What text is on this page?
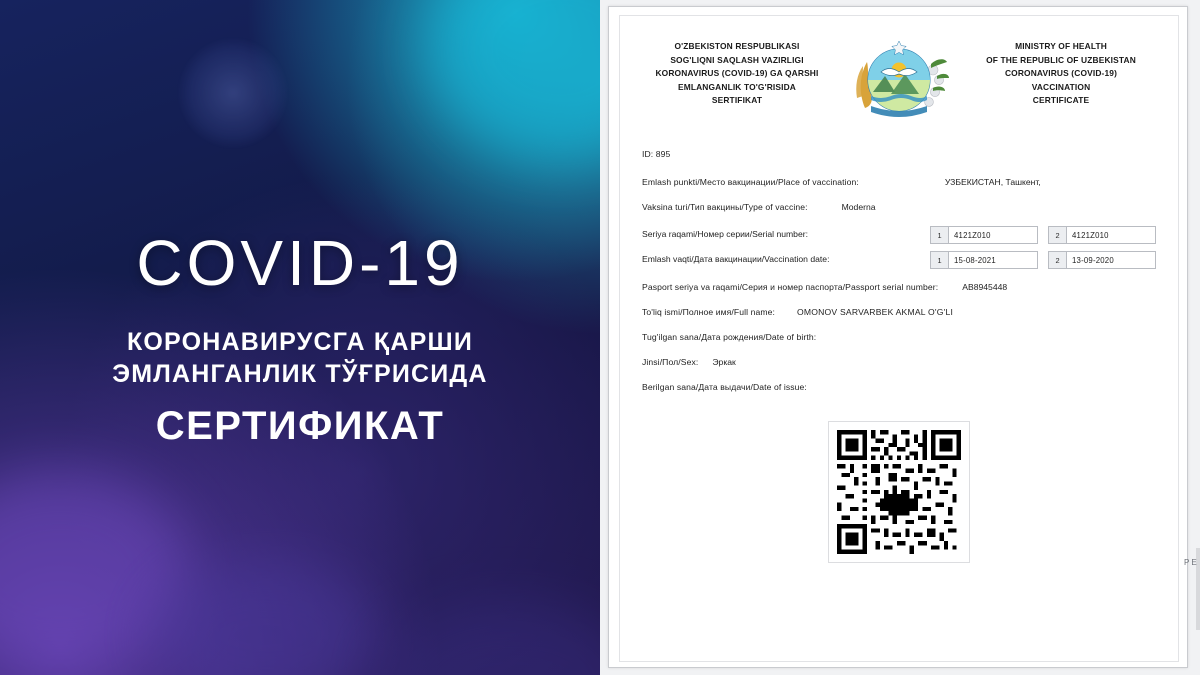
COVID-19
КОРОНАВИРУСГА ҚАРШИ
ЭМЛАНГАНЛИК ТЎҒРИСИДА
СЕРТИФИКАТ
O'ZBEKISTON RESPUBLIKASI
SOG'LIQNI SAQLASH VAZIRLIGI
KORONAVIRUS (COVID-19) GA QARSHI
EMLANGANLIK TO'G'RISIDA
SERTIFIKAT
MINISTRY OF HEALTH
OF THE REPUBLIC OF UZBEKISTAN
CORONAVIRUS (COVID-19)
VACCINATION
CERTIFICATE
ID: 895
Emlash punkti/Место вакцинации/Place of vaccination:	УЗБЕКИСТАН, Ташкент,
Vaksina turi/Тип вакцины/Type of vaccine:	Moderna
Seriya raqami/Номер серии/Serial number:	1	4121Z010	2	4121Z010
Emlash vaqti/Дата вакцинации/Vaccination date:	1	15-08-2021	2	13-09-2020
Pasport seriya va raqami/Серия и номер паспорта/Passport serial number:	AB8945448
To'liq ismi/Полное имя/Full name:	OMONOV SARVARBEK AKMAL O'G'LI
Tug'ilgan sana/Дата рождения/Date of birth:
Jinsi/Пол/Sex: Эркак
Berilgan sana/Дата выдачи/Date of issue:
P E
